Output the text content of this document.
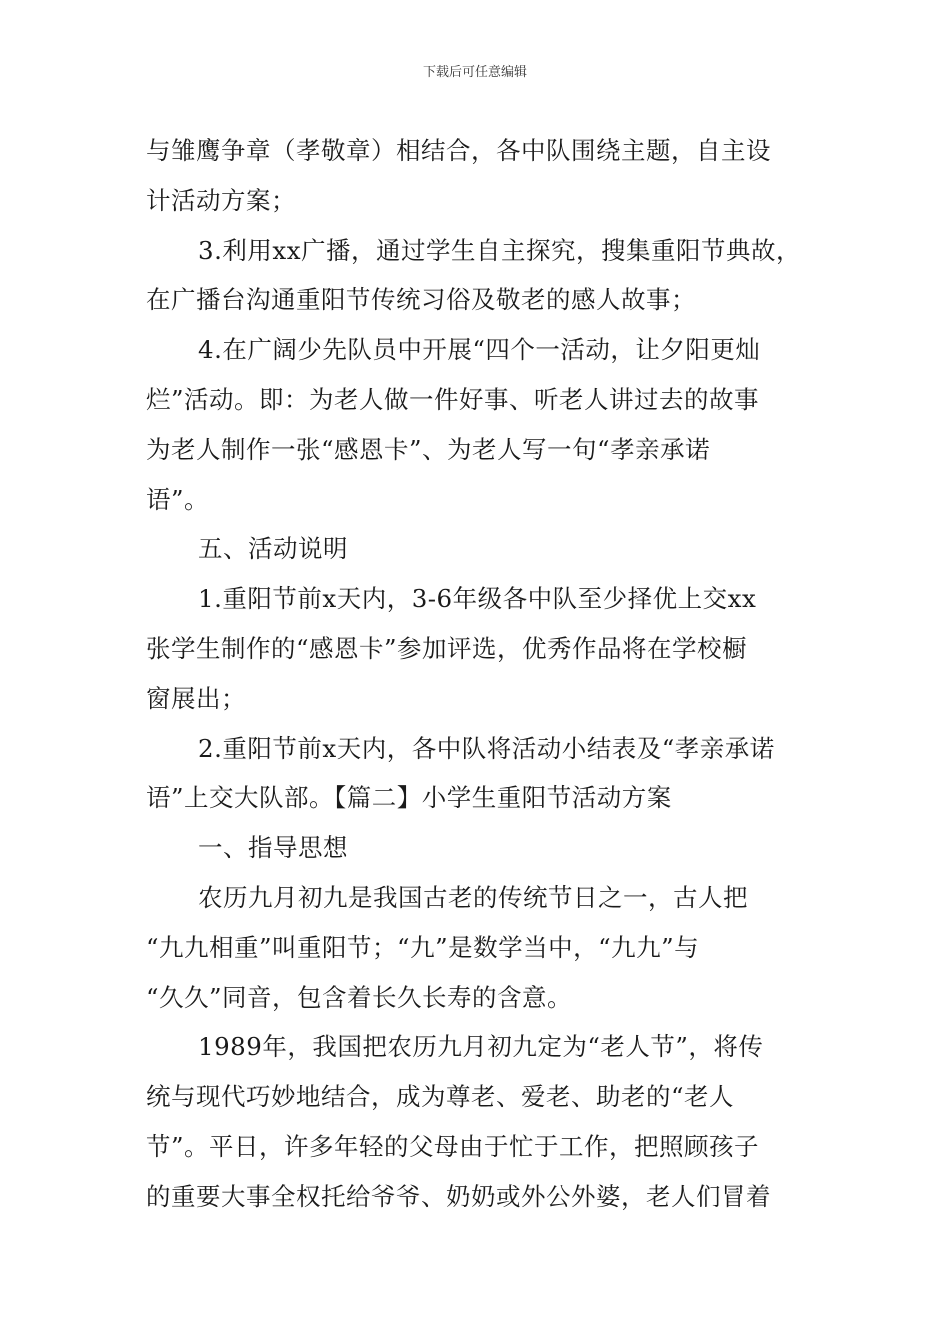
下载后可任意编辑
与雏鹰争章（孝敬章）相结合，各中队围绕主题，自主设
计活动方案；
3.利用xx广播，通过学生自主探究，搜集重阳节典故，
在广播台沟通重阳节传统习俗及敬老的感人故事；
4.在广阔少先队员中开展“四个一活动，让夕阳更灿
烂”活动。即：为老人做一件好事、听老人讲过去的故事
为老人制作一张“感恩卡”、为老人写一句“孝亲承诺
语”。
五、活动说明
1.重阳节前x天内，3-6年级各中队至少择优上交xx
张学生制作的“感恩卡”参加评选，优秀作品将在学校橱
窗展出；
2.重阳节前x天内，各中队将活动小结表及“孝亲承诺
语”上交大队部。【篇二】小学生重阳节活动方案
一、指导思想
农历九月初九是我国古老的传统节日之一，古人把
“九九相重”叫重阳节；“九”是数学当中，“九九”与
“久久”同音，包含着长久长寿的含意。
1989年，我国把农历九月初九定为“老人节”，将传
统与现代巧妙地结合，成为尊老、爱老、助老的“老人
节”。平日，许多年轻的父母由于忙于工作，把照顾孩子
的重要大事全权托给爷爷、奶奶或外公外婆，老人们冒着
